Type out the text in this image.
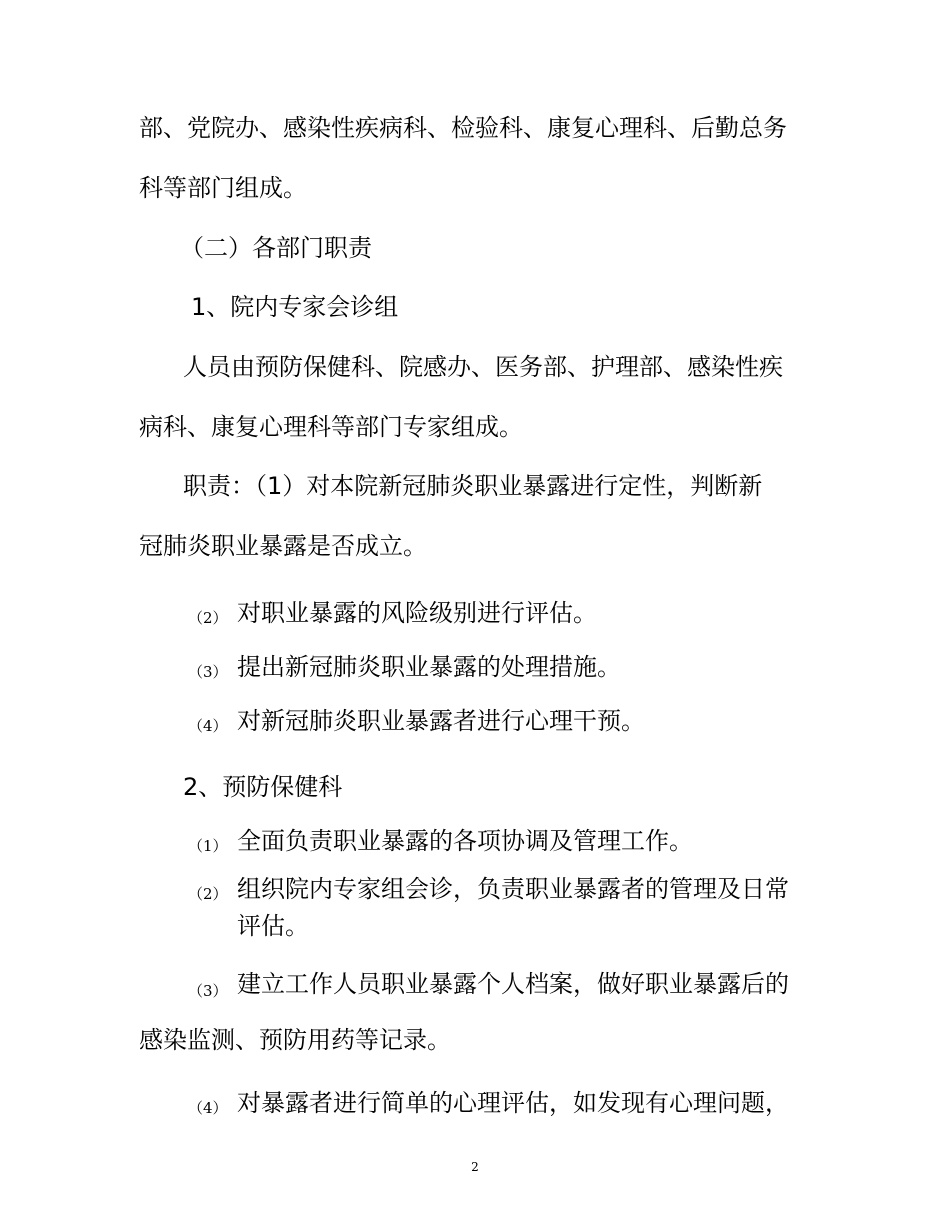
部、党院办、感染性疾病科、检验科、康复心理科、后勤总务

科等部门组成。

（二）各部门职责

1、院内专家会诊组

人员由预防保健科、院感办、医务部、护理部、感染性疾

病科、康复心理科等部门专家组成。

职责：（1）对本院新冠肺炎职业暴露进行定性，判断新

冠肺炎职业暴露是否成立。

（2） 对职业暴露的风险级别进行评估。

（3） 提出新冠肺炎职业暴露的处理措施。

（4） 对新冠肺炎职业暴露者进行心理干预。

2、预防保健科

（1） 全面负责职业暴露的各项协调及管理工作。

（2） 组织院内专家组会诊，负责职业暴露者的管理及日常

评估。

（3） 建立工作人员职业暴露个人档案，做好职业暴露后的

感染监测、预防用药等记录。

（4） 对暴露者进行简单的心理评估，如发现有心理问题，

2
